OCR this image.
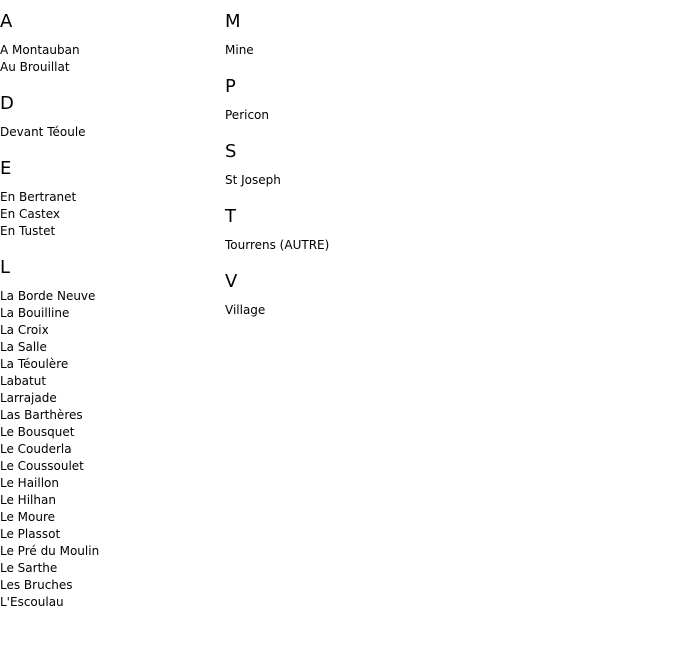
A
A Montauban
Au Brouillat
D
Devant Téoule
E
En Bertranet
En Castex
En Tustet
L
La Borde Neuve
La Bouilline
La Croix
La Salle
La Téoulère
Labatut
Larrajade
Las Barthères
Le Bousquet
Le Couderla
Le Coussoulet
Le Haillon
Le Hilhan
Le Moure
Le Plassot
Le Pré du Moulin
Le Sarthe
Les Bruches
L'Escoulau
M
Mine
P
Pericon
S
St Joseph
T
Tourrens (AUTRE)
V
Village
